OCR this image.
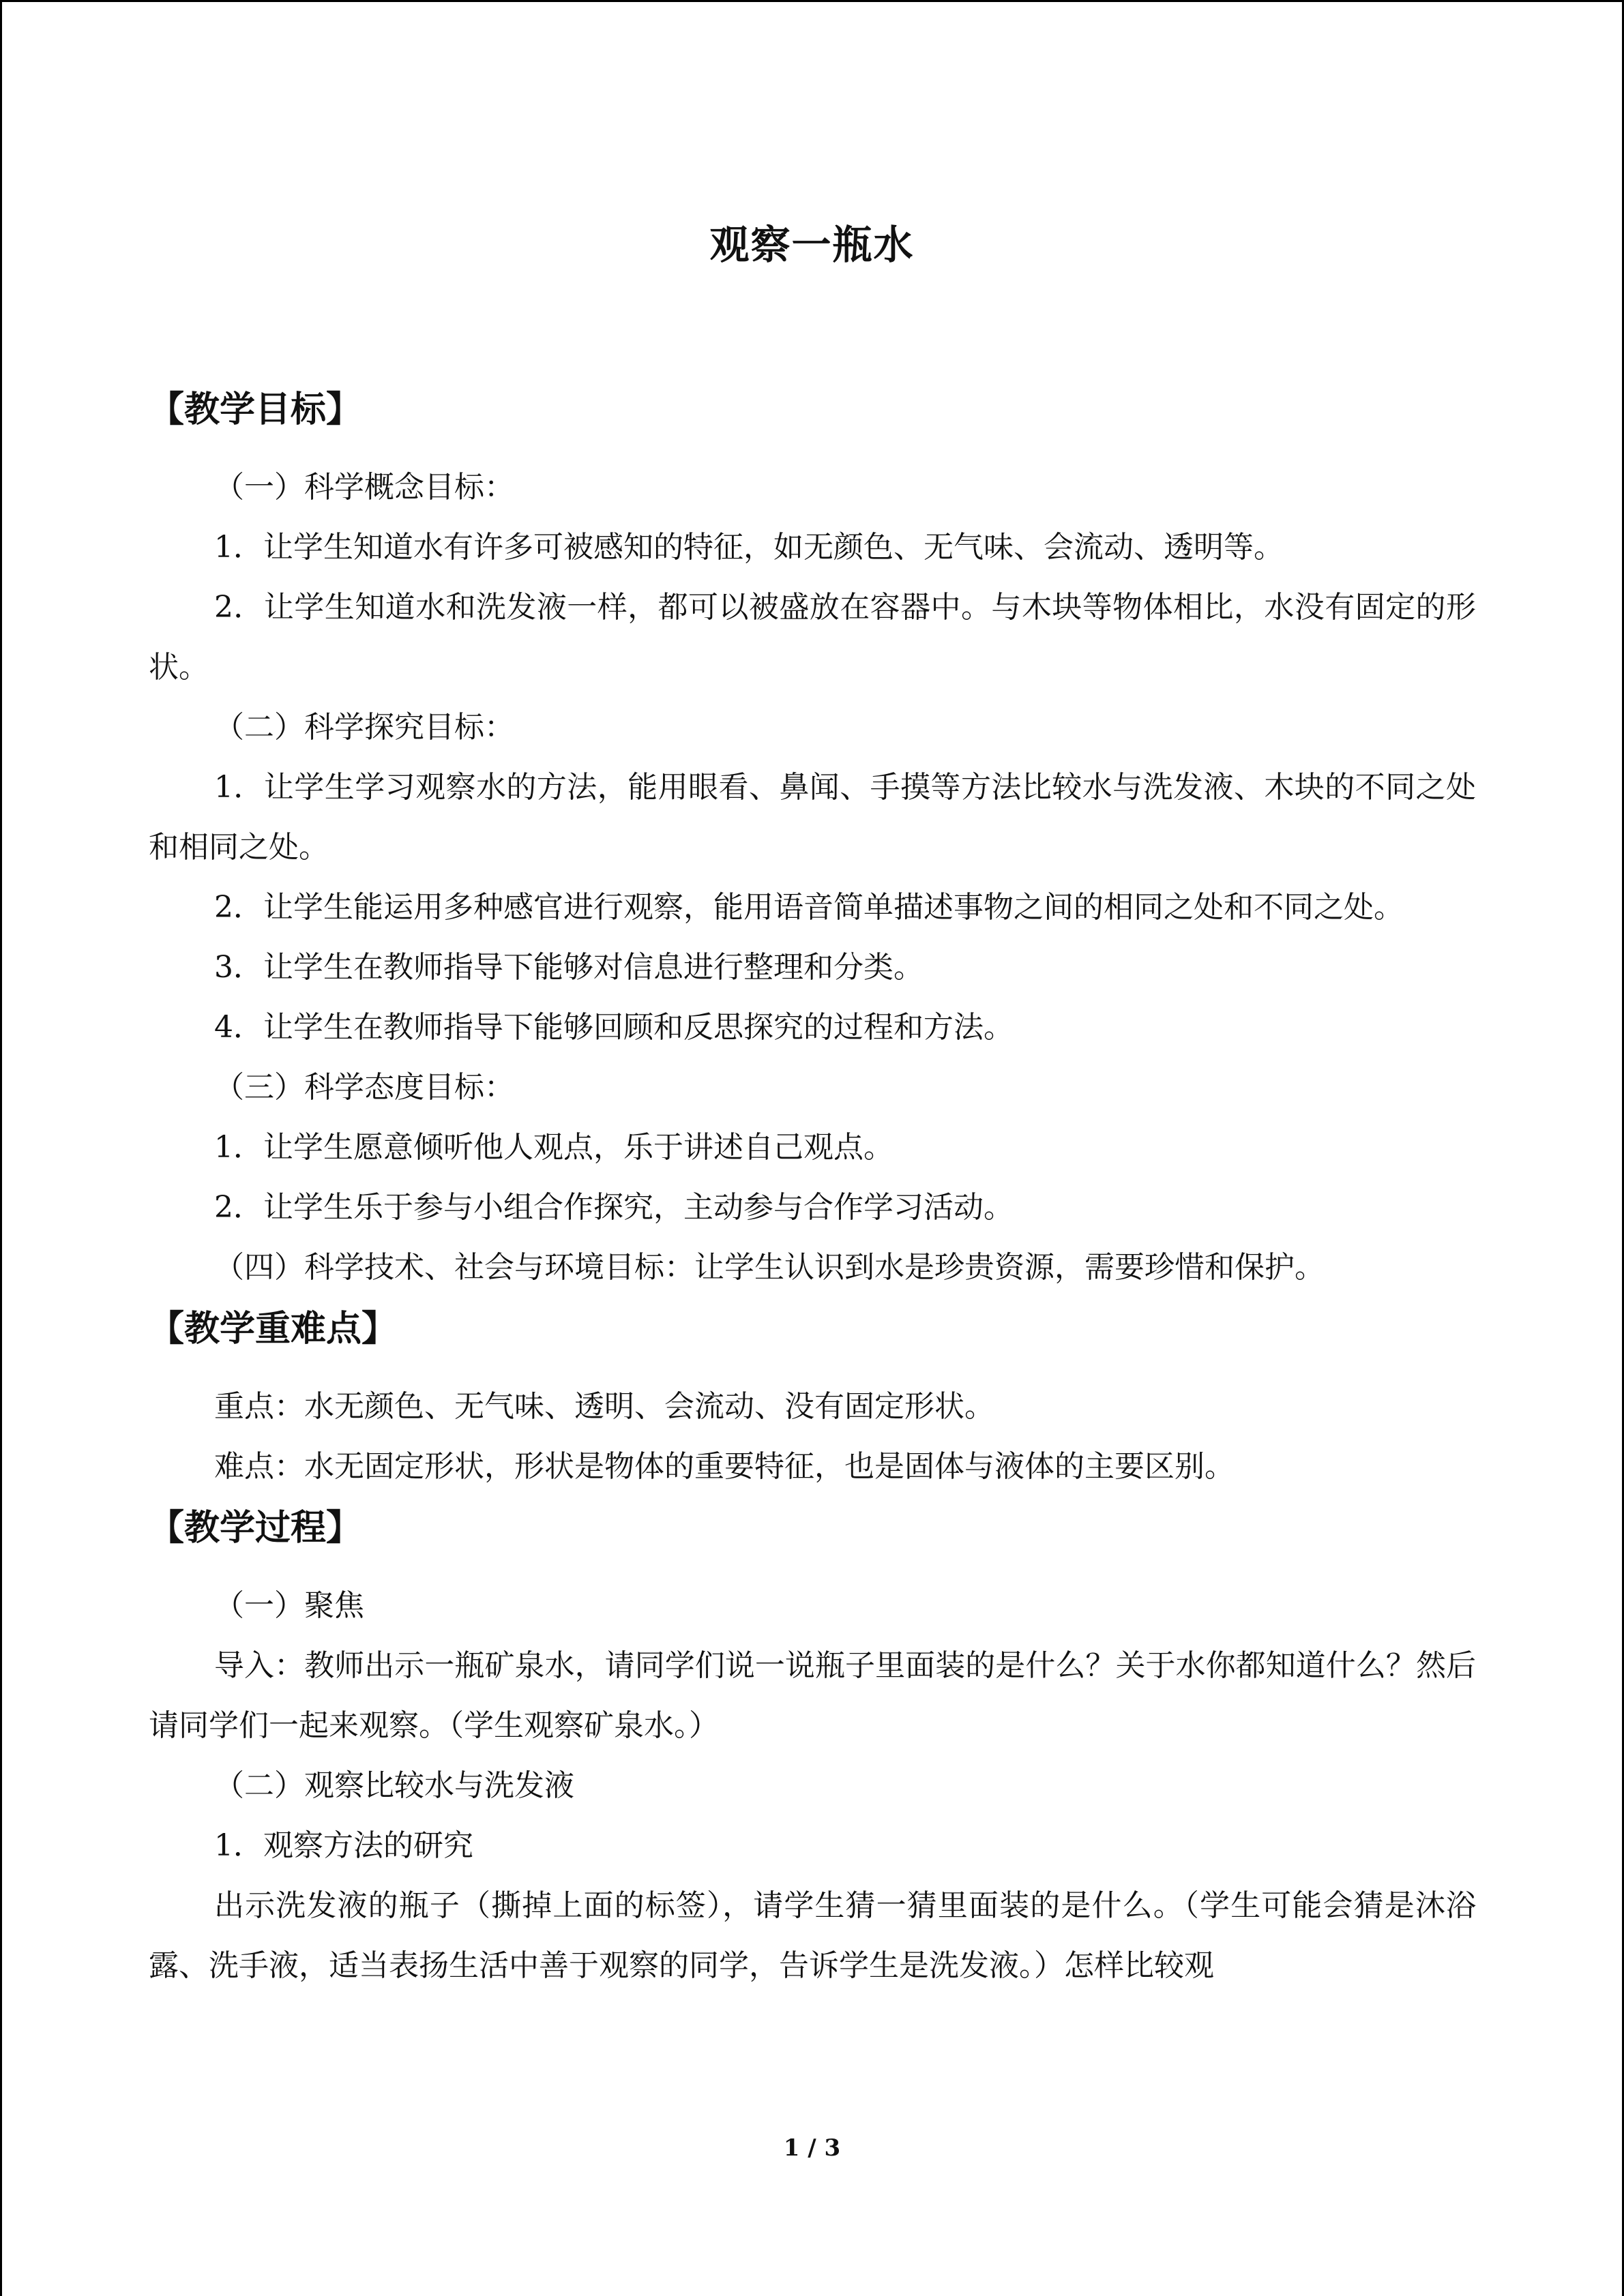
观察一瓶水
【教学目标】

（一）科学概念目标：

1．让学生知道水有许多可被感知的特征，如无颜色、无气味、会流动、透明等。

2．让学生知道水和洗发液一样，都可以被盛放在容器中。与木块等物体相比，水没有固定的形状。

（二）科学探究目标：

1．让学生学习观察水的方法，能用眼看、鼻闻、手摸等方法比较水与洗发液、木块的不同之处和相同之处。

2．让学生能运用多种感官进行观察，能用语音简单描述事物之间的相同之处和不同之处。

3．让学生在教师指导下能够对信息进行整理和分类。

4．让学生在教师指导下能够回顾和反思探究的过程和方法。

（三）科学态度目标：

1．让学生愿意倾听他人观点，乐于讲述自己观点。

2．让学生乐于参与小组合作探究，主动参与合作学习活动。

（四）科学技术、社会与环境目标：让学生认识到水是珍贵资源，需要珍惜和保护。

【教学重难点】

重点：水无颜色、无气味、透明、会流动、没有固定形状。

难点：水无固定形状，形状是物体的重要特征，也是固体与液体的主要区别。

【教学过程】

（一）聚焦

导入：教师出示一瓶矿泉水，请同学们说一说瓶子里面装的是什么？关于水你都知道什么？然后请同学们一起来观察。（学生观察矿泉水。）

（二）观察比较水与洗发液

1．观察方法的研究

出示洗发液的瓶子（撕掉上面的标签），请学生猜一猜里面装的是什么。（学生可能会猜是沐浴露、洗手液，适当表扬生活中善于观察的同学，告诉学生是洗发液。）怎样比较观

1 / 3
